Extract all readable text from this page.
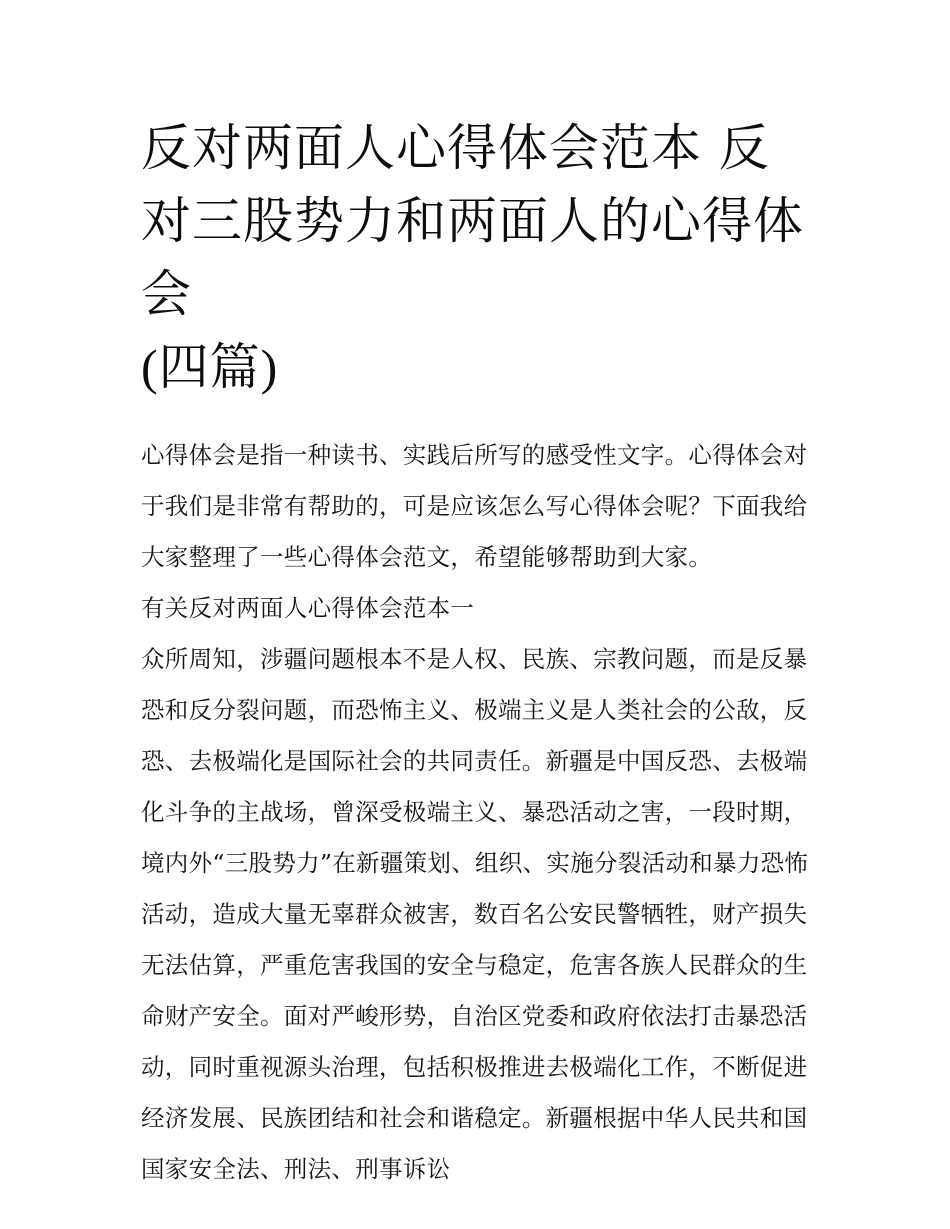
反对两面人心得体会范本 反对三股势力和两面人的心得体会
(四篇)

心得体会是指一种读书、实践后所写的感受性文字。心得体会对于我们是非常有帮助的，可是应该怎么写心得体会呢？下面我给大家整理了一些心得体会范文，希望能够帮助到大家。

有关反对两面人心得体会范本一

众所周知，涉疆问题根本不是人权、民族、宗教问题，而是反暴恐和反分裂问题，而恐怖主义、极端主义是人类社会的公敌，反恐、去极端化是国际社会的共同责任。新疆是中国反恐、去极端化斗争的主战场，曾深受极端主义、暴恐活动之害，一段时期，境内外“三股势力”在新疆策划、组织、实施分裂活动和暴力恐怖活动，造成大量无辜群众被害，数百名公安民警牺牲，财产损失无法估算，严重危害我国的安全与稳定，危害各族人民群众的生命财产安全。面对严峻形势，自治区党委和政府依法打击暴恐活动，同时重视源头治理，包括积极推进去极端化工作，不断促进经济发展、民族团结和社会和谐稳定。新疆根据中华人民共和国国家安全法、刑法、刑事诉讼
